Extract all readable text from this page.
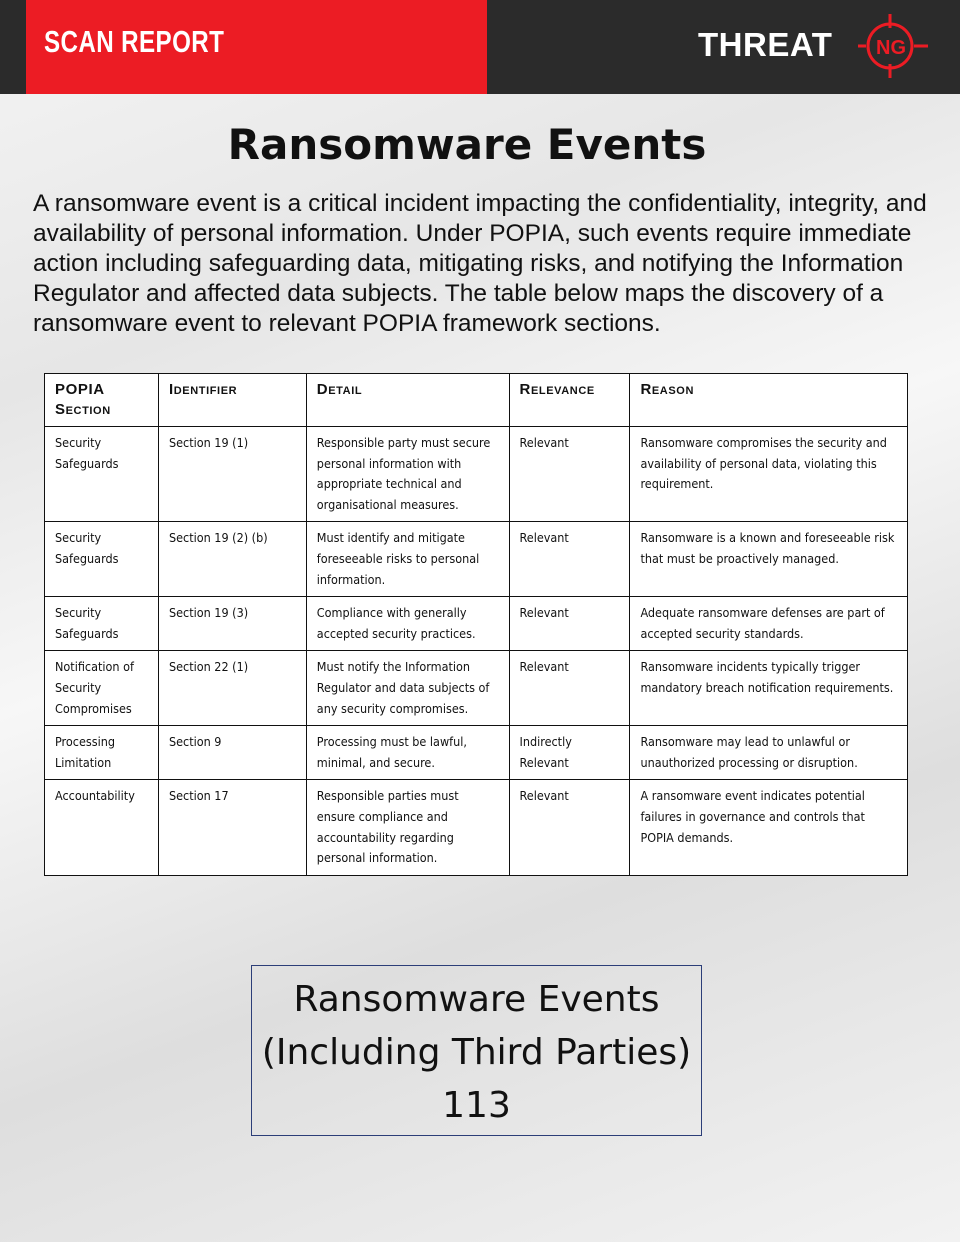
SCAN REPORT	THREAT NG
Ransomware Events

A ransomware event is a critical incident impacting the confidentiality, integrity, and availability of personal information. Under POPIA, such events require immediate action including safeguarding data, mitigating risks, and notifying the Information Regulator and affected data subjects. The table below maps the discovery of a ransomware event to relevant POPIA framework sections.

POPIA Section	Identifier	Detail	Relevance	Reason
Security Safeguards	Section 19 (1)	Responsible party must secure personal information with appropriate technical and organisational measures.	Relevant	Ransomware compromises the security and availability of personal data, violating this requirement.
Security Safeguards	Section 19 (2) (b)	Must identify and mitigate foreseeable risks to personal information.	Relevant	Ransomware is a known and foreseeable risk that must be proactively managed.
Security Safeguards	Section 19 (3)	Compliance with generally accepted security practices.	Relevant	Adequate ransomware defenses are part of accepted security standards.
Notification of Security Compromises	Section 22 (1)	Must notify the Information Regulator and data subjects of any security compromises.	Relevant	Ransomware incidents typically trigger mandatory breach notification requirements.
Processing Limitation	Section 9	Processing must be lawful, minimal, and secure.	Indirectly Relevant	Ransomware may lead to unlawful or unauthorized processing or disruption.
Accountability	Section 17	Responsible parties must ensure compliance and accountability regarding personal information.	Relevant	A ransomware event indicates potential failures in governance and controls that POPIA demands.
Ransomware Events
(Including Third Parties)
113
